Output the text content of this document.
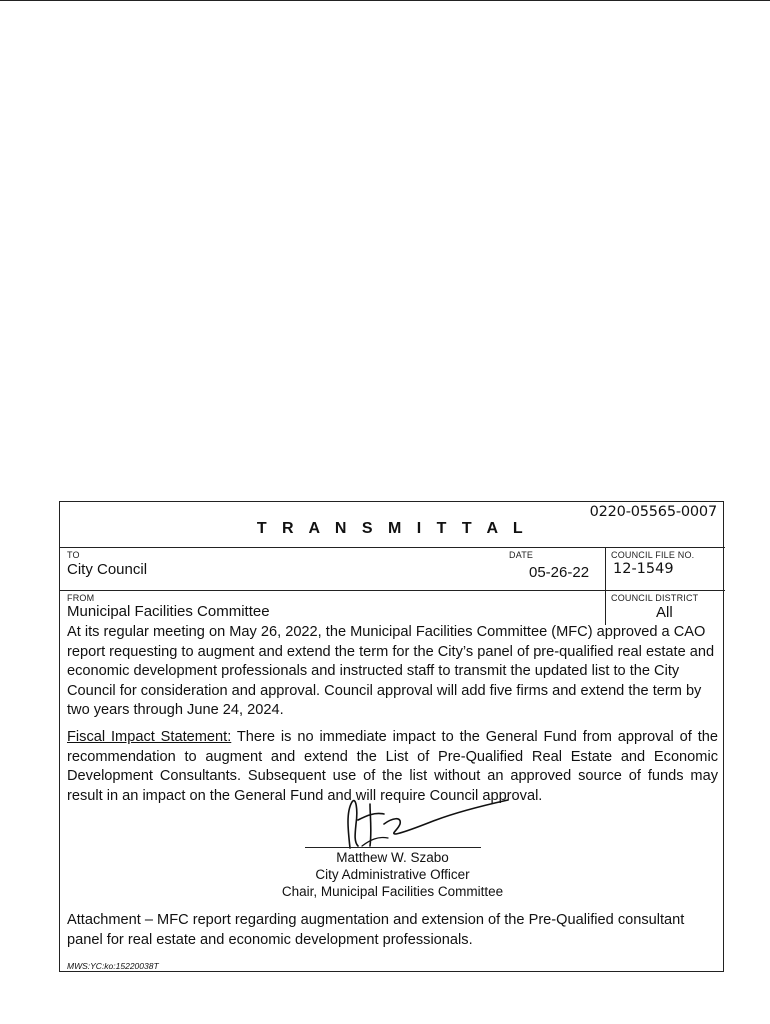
0220-05565-0007
T R A N S M I T T A L
TO
City Council
DATE
05-26-22
COUNCIL FILE NO.
12-1549
FROM
Municipal Facilities Committee
COUNCIL DISTRICT
All

At its regular meeting on May 26, 2022, the Municipal Facilities Committee (MFC) approved a CAO report requesting to augment and extend the term for the City’s panel of pre-qualified real estate and economic development professionals and instructed staff to transmit the updated list to the City Council for consideration and approval. Council approval will add five firms and extend the term by two years through June 24, 2024.

Fiscal Impact Statement: There is no immediate impact to the General Fund from approval of the recommendation to augment and extend the List of Pre-Qualified Real Estate and Economic Development Consultants. Subsequent use of the list without an approved source of funds may result in an impact on the General Fund and will require Council approval.

Matthew W. Szabo
City Administrative Officer
Chair, Municipal Facilities Committee

Attachment – MFC report regarding augmentation and extension of the Pre-Qualified consultant panel for real estate and economic development professionals.

MWS:YC:ko:15220038T
